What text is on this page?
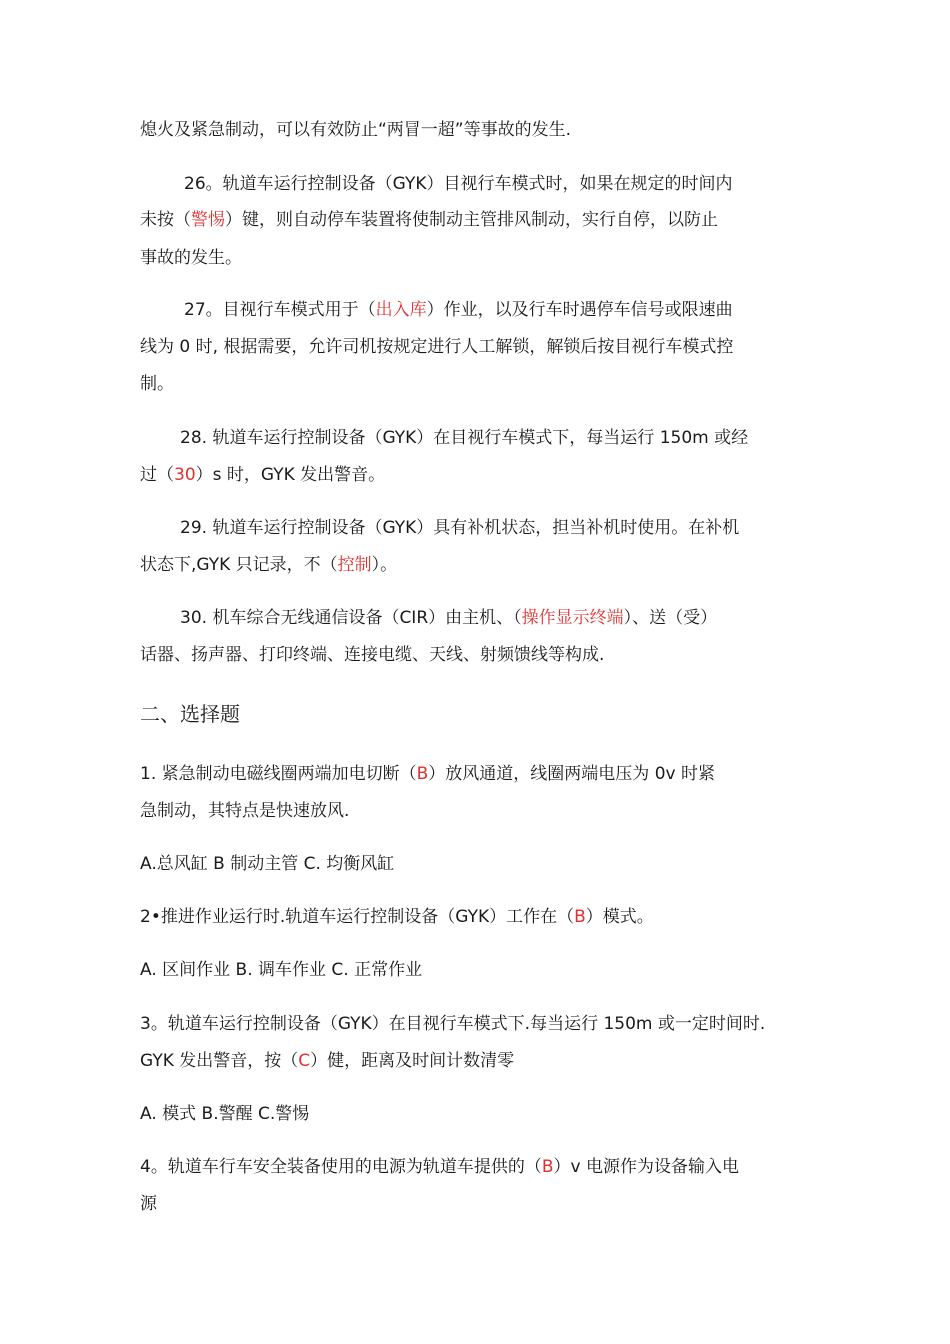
熄火及紧急制动，可以有效防止“两冒一超”等事故的发生.
26。轨道车运行控制设备（GYK）目视行车模式时，如果在规定的时间内
未按（警惕）键，则自动停车装置将使制动主管排风制动，实行自停，以防止
事故的发生。
27。目视行车模式用于（出入库）作业，以及行车时遇停车信号或限速曲
线为 0 时, 根据需要，允许司机按规定进行人工解锁，解锁后按目视行车模式控
制。
28. 轨道车运行控制设备（GYK）在目视行车模式下，每当运行 150m 或经
过（30）s 时，GYK 发出警音。
29. 轨道车运行控制设备（GYK）具有补机状态，担当补机时使用。在补机
状态下,GYK 只记录，不（控制）。
30. 机车综合无线通信设备（CIR）由主机、（操作显示终端）、送（受）
话器、扬声器、打印终端、连接电缆、天线、射频馈线等构成.
二、选择题
1. 紧急制动电磁线圈两端加电切断（B）放风通道，线圈两端电压为 0v 时紧
急制动，其特点是快速放风.
A.总风缸 B 制动主管 C. 均衡风缸
2•推进作业运行时.轨道车运行控制设备（GYK）工作在（B）模式。
A. 区间作业 B. 调车作业 C. 正常作业
3。轨道车运行控制设备（GYK）在目视行车模式下.每当运行 150m 或一定时间时.
GYK 发出警音，按（C）健，距离及时间计数清零
A. 模式 B.警醒 C.警惕
4。轨道车行车安全装备使用的电源为轨道车提供的（B）v 电源作为设备输入电
源
